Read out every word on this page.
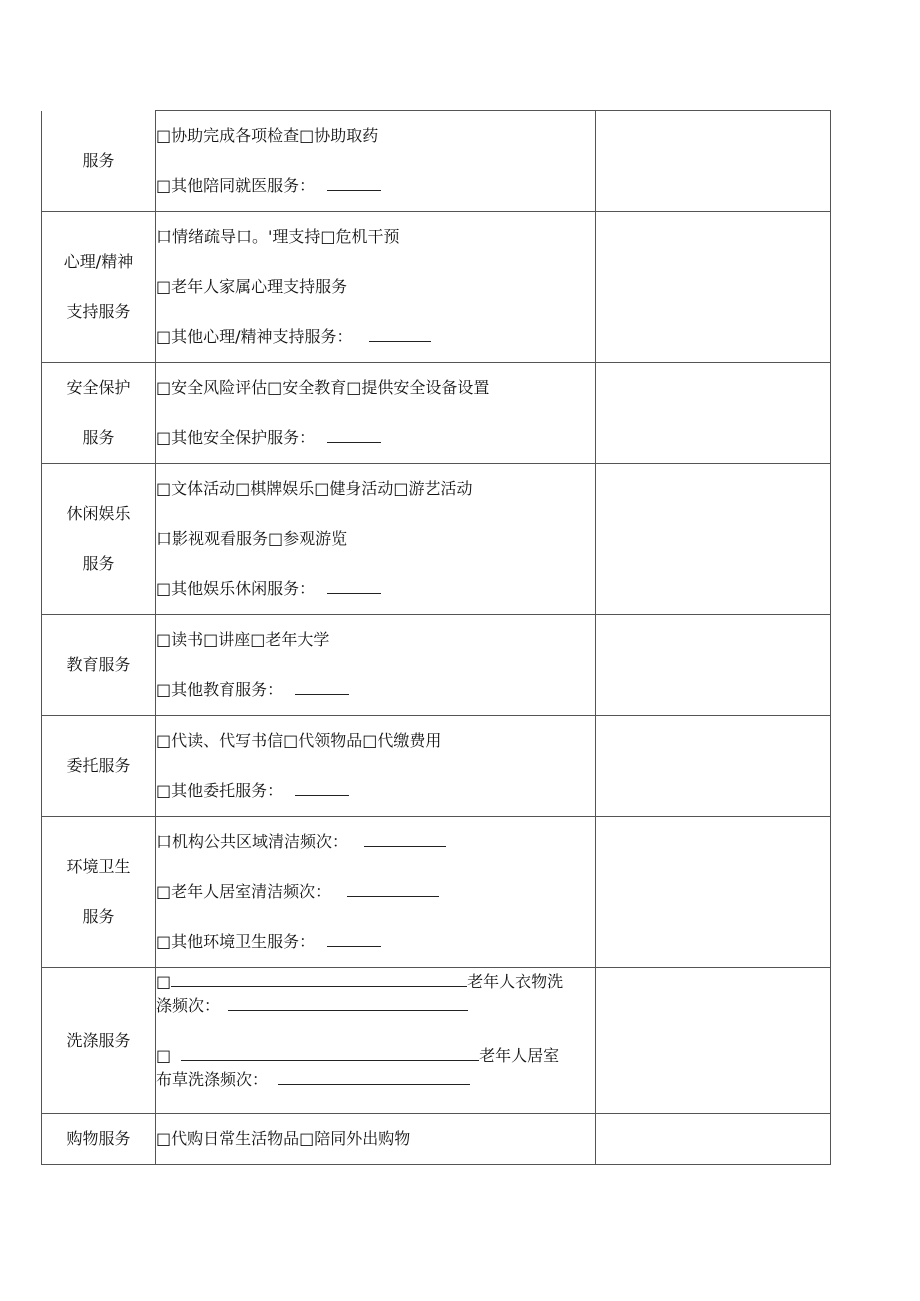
服务	□协助完成各项检查□协助取药
□其他陪同就医服务：	

心理/精神
支持服务	口情绪疏导口。'理支持□危机干预
□老年人家属心理支持服务
□其他心理/精神支持服务：	

安全保护
服务	□安全风险评估□安全教育□提供安全设备设置
□其他安全保护服务：	

休闲娱乐
服务	□文体活动□棋牌娱乐□健身活动□游艺活动
口影视观看服务□参观游览
□其他娱乐休闲服务：	

教育服务	□读书□讲座□老年大学
□其他教育服务：	

委托服务	□代读、代写书信□代领物品□代缴费用
□其他委托服务：	

环境卫生
服务	口机构公共区域清洁频次：
□老年人居室清洁频次：
□其他环境卫生服务：	

洗涤服务	□ 老年人衣物洗
涤频次：
□ 老年人居室
布草洗涤频次：	

购物服务	□代购日常生活物品□陪同外出购物	
